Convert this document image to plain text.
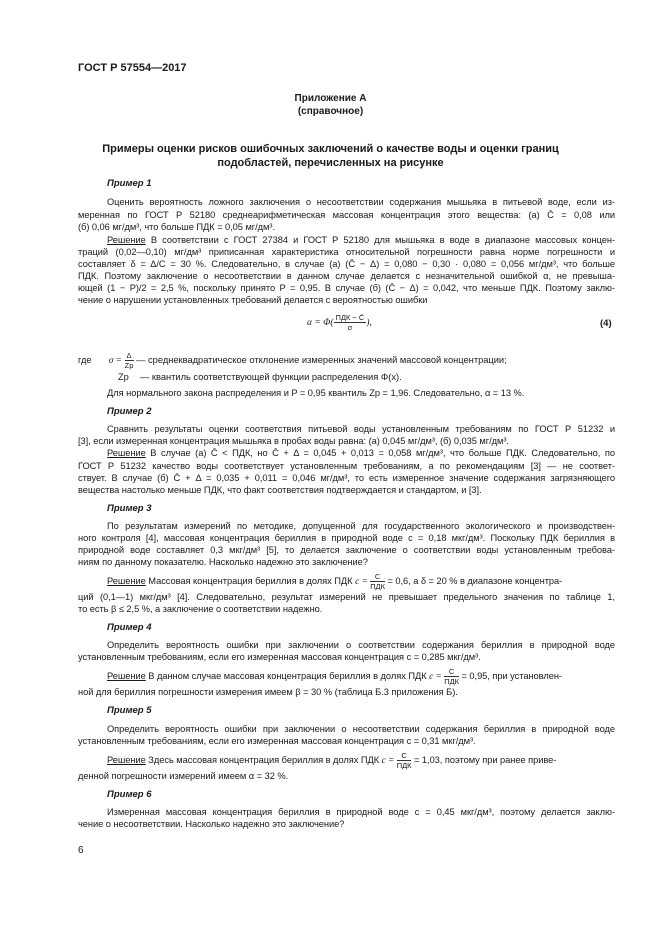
ГОСТ Р 57554—2017
Приложение А
(справочное)
Примеры оценки рисков ошибочных заключений о качестве воды и оценки границ
подобластей, перечисленных на рисунке
Пример 1
Оценить вероятность ложного заключения о несоответствии содержания мышьяка в питьевой воде, если из-
меренная по ГОСТ Р 52180 среднеарифметическая массовая концентрация этого вещества: (а) C̄ = 0,08 или
(б) 0,06 мг/дм³, что больше ПДК = 0,05 мг/дм³.
Решение В соответствии с ГОСТ 27384 и ГОСТ Р 52180 для мышьяка в воде в диапазоне массовых концен-
траций (0,02—0,10) мг/дм³ приписанная характеристика относительной погрешности равна норме погрешности и
составляет δ = Δ/C = 30 %. Следовательно, в случае (а) (C̄ − Δ) = 0,080 − 0,30 · 0,080 = 0,056 мг/дм³, что больше
ПДК. Поэтому заключение о несоответствии в данном случае делается с незначительной ошибкой α, не превыша-
ющей (1 − P)/2 = 2,5 %, поскольку принято P = 0,95. В случае (б) (C̄ − Δ) = 0,042, что меньше ПДК. Поэтому заклю-
чение о нарушении установленных требований делается с вероятностью ошибки
$\alpha = \Phi( \frac{\text{ПДК − C̄}}{\sigma}$ ),	(4)
где $\sigma = \frac{\Delta}{Zp}$ — среднеквадратическое отклонение измеренных значений массовой концентрации;
Zp — квантиль соответствующей функции распределения Φ(x).
Для нормального закона распределения и P = 0,95 квантиль Zp = 1,96. Следовательно, α = 13 %.
Пример 2
Сравнить результаты оценки соответствия питьевой воды установленным требованиям по ГОСТ Р 51232 и
[3], если измеренная концентрация мышьяка в пробах воды равна: (а) 0,045 мг/дм³, (б) 0,035 мг/дм³.
Решение В случае (а) C̄ < ПДК, но C̄ + Δ = 0,045 + 0,013 = 0,058 мг/дм³, что больше ПДК. Следовательно, по
ГОСТ Р 51232 качество воды соответствует установленным требованиям, а по рекомендациям [3] — не соответ-
ствует. В случае (б) C̄ + Δ = 0,035 + 0,011 = 0,046 мг/дм³, то есть измеренное значение содержания загрязняющего
вещества настолько меньше ПДК, что факт соответствия подтверждается и стандартом, и [3].
Пример 3
По результатам измерений по методике, допущенной для государственного экологического и производствен-
ного контроля [4], массовая концентрация бериллия в природной воде c = 0,18 мкг/дм³. Поскольку ПДК бериллия в
природной воде составляет 0,3 мкг/дм³ [5], то делается заключение о соответствии воды установленным требова-
ниям по данному показателю. Насколько надежно это заключение?
Решение Массовая концентрация бериллия в долях ПДК $c = \frac{C}{\text{ПДК}} = 0,6$, а δ = 20 % в диапазоне концентра-
ций (0,1—1) мкг/дм³ [4]. Следовательно, результат измерений не превышает предельного значения по таблице 1,
то есть β ≤ 2,5 %, а заключение о соответствии надежно.
Пример 4
Определить вероятность ошибки при заключении о соответствии содержания бериллия в природной воде
установленным требованиям, если его измеренная массовая концентрация c = 0,285 мкг/дм³.
Решение В данном случае массовая концентрация бериллия в долях ПДК $c = \frac{C}{\text{ПДК}} = 0,95$, при установлен-
ной для бериллия погрешности измерения имеем β = 30 % (таблица Б.3 приложения Б).
Пример 5
Определить вероятность ошибки при заключении о несоответствии содержания бериллия в природной воде
установленным требованиям, если его измеренная массовая концентрация c = 0,31 мкг/дм³.
Решение Здесь массовая концентрация бериллия в долях ПДК $c = \frac{C}{\text{ПДК}} = 1,03$, поэтому при ранее приве-
денной погрешности измерений имеем α = 32 %.
Пример 6
Измеренная массовая концентрация бериллия в природной воде c = 0,45 мкг/дм³, поэтому делается заклю-
чение о несоответствии. Насколько надежно это заключение?
6
